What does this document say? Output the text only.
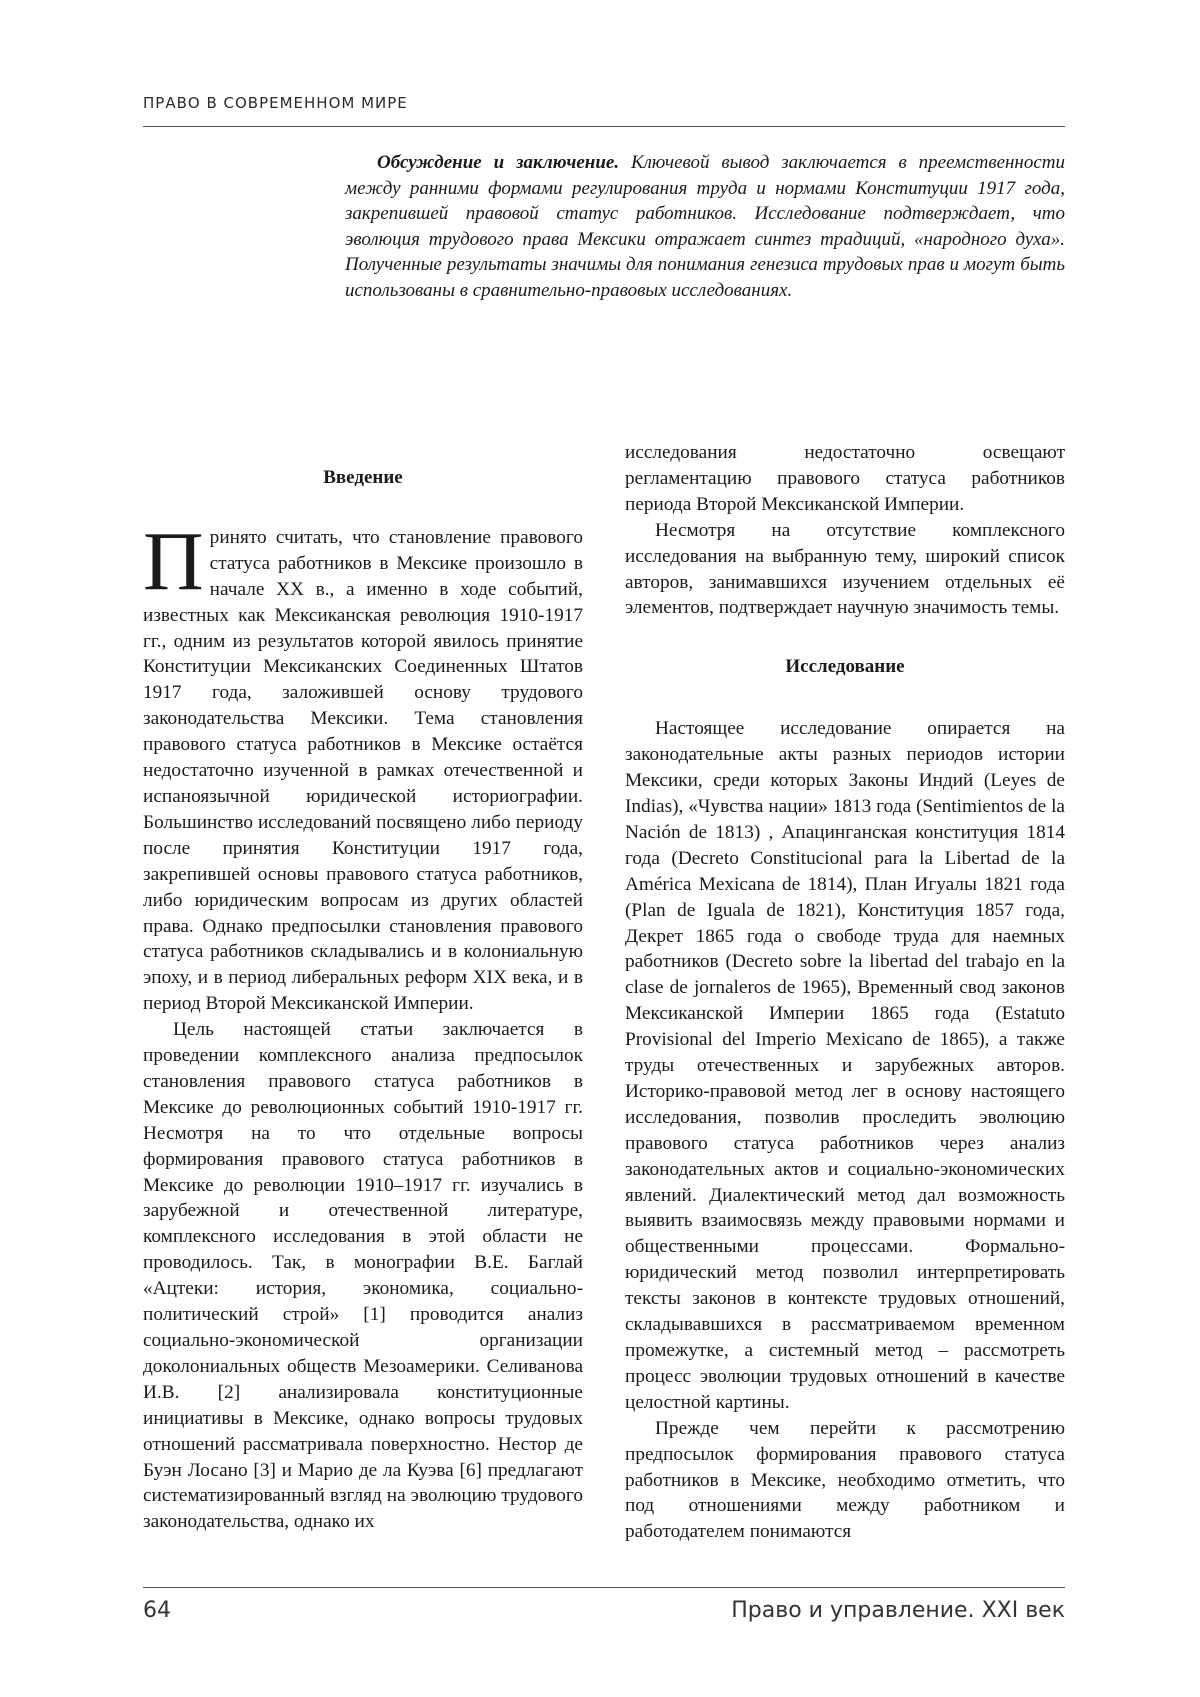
ПРАВО В СОВРЕМЕННОМ МИРЕ

Обсуждение и заключение. Ключевой вывод заключается в преемственности между ранними формами регулирования труда и нормами Конституции 1917 года, закрепившей правовой статус работников. Исследование подтверждает, что эволюция трудового права Мексики отражает синтез традиций, «народного духа». Полученные результаты значимы для понимания генезиса трудовых прав и могут быть использованы в сравнительно-правовых исследованиях.

Введение

Принято считать, что становление правового статуса работников в Мексике произошло в начале XX в., а именно в ходе событий, известных как Мексиканская революция 1910-1917 гг., одним из результатов которой явилось принятие Конституции Мексиканских Соединенных Штатов 1917 года, заложившей основу трудового законодательства Мексики. Тема становления правового статуса работников в Мексике остаётся недостаточно изученной в рамках отечественной и испаноязычной юридической историографии. Большинство исследований посвящено либо периоду после принятия Конституции 1917 года, закрепившей основы правового статуса работников, либо юридическим вопросам из других областей права. Однако предпосылки становления правового статуса работников складывались и в колониальную эпоху, и в период либеральных реформ XIX века, и в период Второй Мексиканской Империи.

Цель настоящей статьи заключается в проведении комплексного анализа предпосылок становления правового статуса работников в Мексике до революционных событий 1910-1917 гг. Несмотря на то что отдельные вопросы формирования правового статуса работников в Мексике до революции 1910–1917 гг. изучались в зарубежной и отечественной литературе, комплексного исследования в этой области не проводилось. Так, в монографии В.Е. Баглай «Ацтеки: история, экономика, социально-политический строй» [1] проводится анализ социально-экономической организации доколониальных обществ Мезоамерики. Селиванова И.В. [2] анализировала конституционные инициативы в Мексике, однако вопросы трудовых отношений рассматривала поверхностно. Нестор де Буэн Лосано [3] и Марио де ла Куэва [6] предлагают систематизированный взгляд на эволюцию трудового законодательства, однако их

исследования недостаточно освещают регламентацию правового статуса работников периода Второй Мексиканской Империи.

Несмотря на отсутствие комплексного исследования на выбранную тему, широкий список авторов, занимавшихся изучением отдельных её элементов, подтверждает научную значимость темы.

Исследование

Настоящее исследование опирается на законодательные акты разных периодов истории Мексики, среди которых Законы Индий (Leyes de Indias), «Чувства нации» 1813 года (Sentimientos de la Nación de 1813) , Апацинганская конституция 1814 года (Decreto Constitucional para la Libertad de la América Mexicana de 1814), План Игуалы 1821 года (Plan de Iguala de 1821), Конституция 1857 года, Декрет 1865 года о свободе труда для наемных работников (Decreto sobre la libertad del trabajo en la clase de jornaleros de 1965), Временный свод законов Мексиканской Империи 1865 года (Estatuto Provisional del Imperio Mexicano de 1865), а также труды отечественных и зарубежных авторов. Историко-правовой метод лег в основу настоящего исследования, позволив проследить эволюцию правового статуса работников через анализ законодательных актов и социально-экономических явлений. Диалектический метод дал возможность выявить взаимосвязь между правовыми нормами и общественными процессами. Формально-юридический метод позволил интерпретировать тексты законов в контексте трудовых отношений, складывавшихся в рассматриваемом временном промежутке, а системный метод – рассмотреть процесс эволюции трудовых отношений в качестве целостной картины.

Прежде чем перейти к рассмотрению предпосылок формирования правового статуса работников в Мексике, необходимо отметить, что под отношениями между работником и работодателем понимаются

64	Право и управление. XXI век
